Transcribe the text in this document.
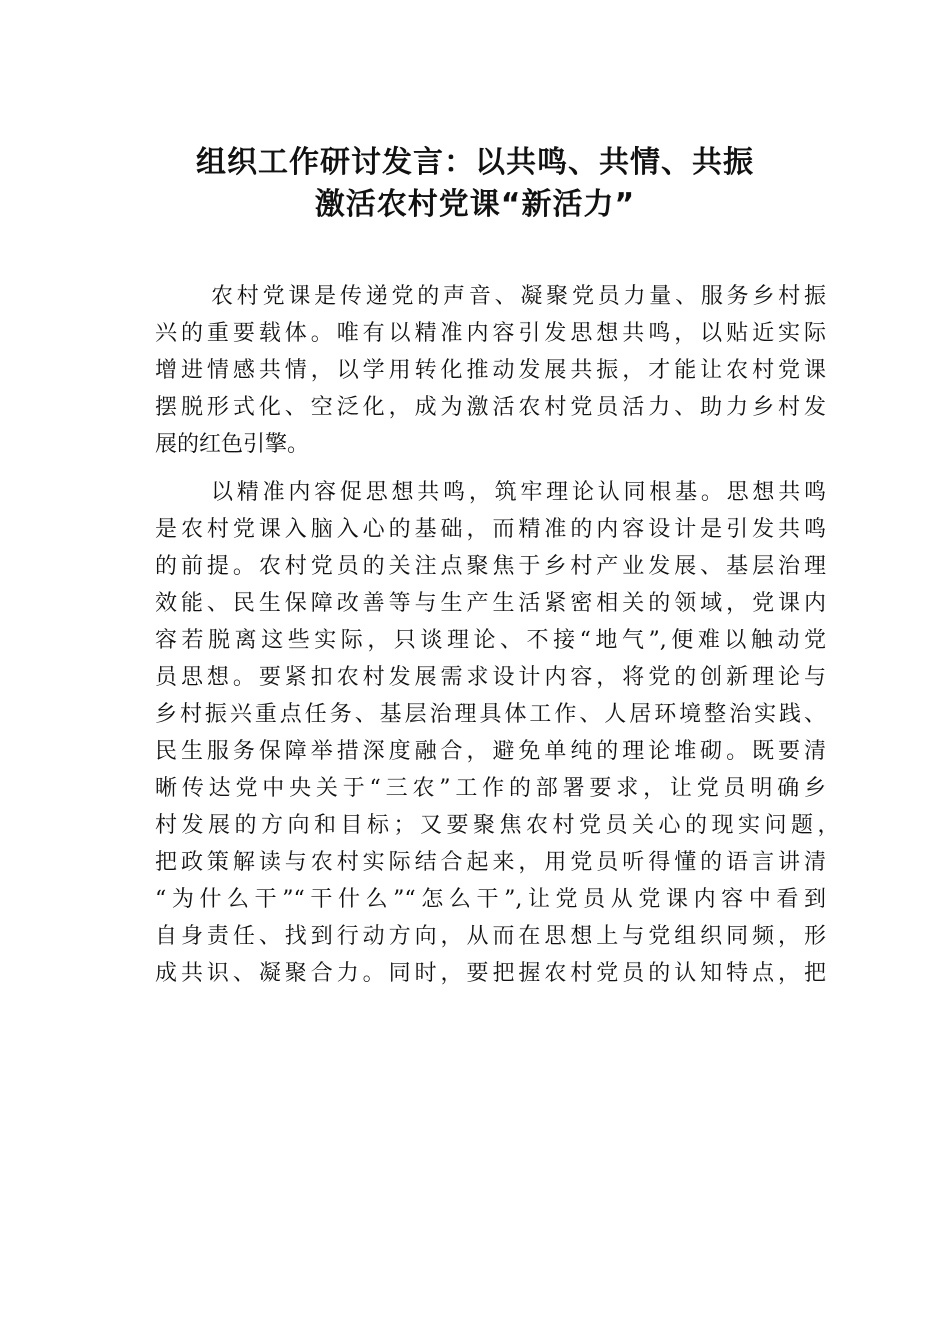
组织工作研讨发言：以共鸣、共情、共振
激活农村党课“新活力”
农村党课是传递党的声音、凝聚党员力量、服务乡村振
兴的重要载体。唯有以精准内容引发思想共鸣，以贴近实际
增进情感共情，以学用转化推动发展共振，才能让农村党课
摆脱形式化、空泛化，成为激活农村党员活力、助力乡村发
展的红色引擎。
以精准内容促思想共鸣，筑牢理论认同根基。思想共鸣
是农村党课入脑入心的基础，而精准的内容设计是引发共鸣
的前提。农村党员的关注点聚焦于乡村产业发展、基层治理
效能、民生保障改善等与生产生活紧密相关的领域，党课内
容若脱离这些实际，只谈理论、不接“地气”,便难以触动党
员思想。要紧扣农村发展需求设计内容，将党的创新理论与
乡村振兴重点任务、基层治理具体工作、人居环境整治实践、
民生服务保障举措深度融合，避免单纯的理论堆砌。既要清
晰传达党中央关于“三农”工作的部署要求，让党员明确乡
村发展的方向和目标；又要聚焦农村党员关心的现实问题，
把政策解读与农村实际结合起来，用党员听得懂的语言讲清
“为什么干”“干什么”“怎么干”,让党员从党课内容中看到
自身责任、找到行动方向，从而在思想上与党组织同频，形
成共识、凝聚合力。同时，要把握农村党员的认知特点，把
